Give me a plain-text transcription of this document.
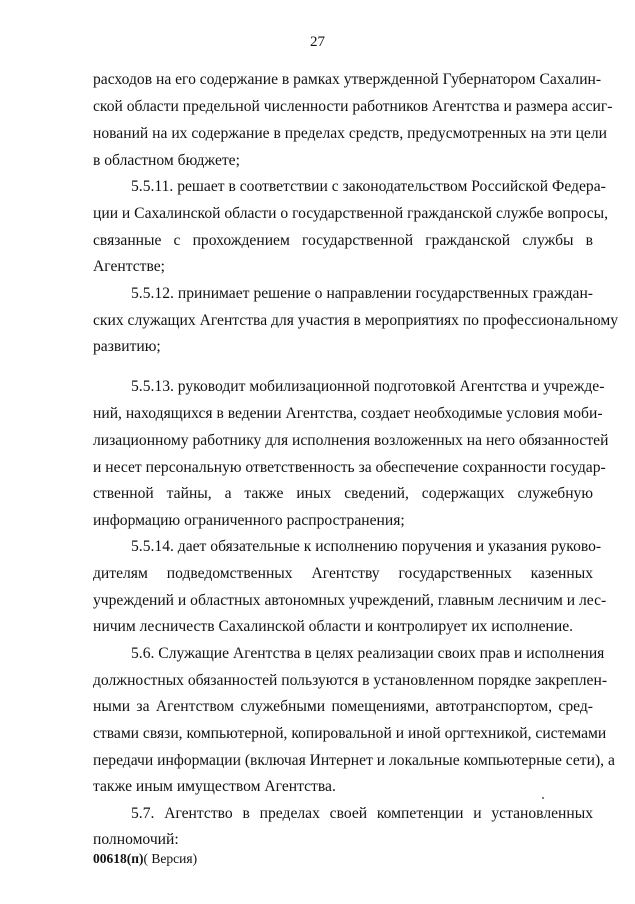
27
расходов на его содержание в рамках утвержденной Губернатором Сахалин-
ской области предельной численности работников Агентства и размера ассиг-
нований на их содержание в пределах средств, предусмотренных на эти цели
в областном бюджете;
5.5.11. решает в соответствии с законодательством Российской Федера-
ции и Сахалинской области о государственной гражданской службе вопросы,
связанные с прохождением государственной гражданской службы в
Агентстве;
5.5.12. принимает решение о направлении государственных граждан-
ских служащих Агентства для участия в мероприятиях по профессиональному
развитию;
5.5.13. руководит мобилизационной подготовкой Агентства и учрежде-
ний, находящихся в ведении Агентства, создает необходимые условия моби-
лизационному работнику для исполнения возложенных на него обязанностей
и несет персональную ответственность за обеспечение сохранности государ-
ственной тайны, а также иных сведений, содержащих служебную
информацию ограниченного распространения;
5.5.14. дает обязательные к исполнению поручения и указания руково-
дителям подведомственных Агентству государственных казенных
учреждений и областных автономных учреждений, главным лесничим и лес-
ничим лесничеств Сахалинской области и контролирует их исполнение.
5.6. Служащие Агентства в целях реализации своих прав и исполнения
должностных обязанностей пользуются в установленном порядке закреплен-
ными за Агентством служебными помещениями, автотранспортом, сред-
ствами связи, компьютерной, копировальной и иной оргтехникой, системами
передачи информации (включая Интернет и локальные компьютерные сети), а
также иным имуществом Агентства.
5.7. Агентство в пределах своей компетенции и установленных
полномочий:
00618(п)( Версия)
